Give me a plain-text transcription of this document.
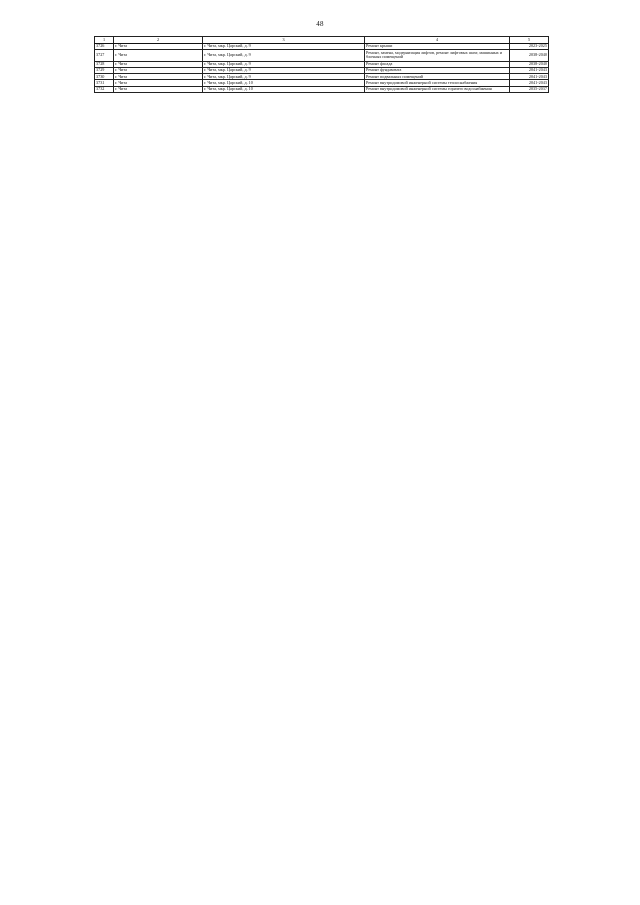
48
1	2	3	4	5
3726	г. Чита	г. Чита, мкр. Царский, д. 9	Ремонт крыши	2023-2025
3727	г. Чита	г. Чита, мкр. Царский, д. 9	Ремонт, замена, модернизация лифтов, ремонт лифтовых шахт, машинных и блочных помещений	2038-2040
3728	г. Чита	г. Чита, мкр. Царский, д. 9	Ремонт фасада	2038-2040
3729	г. Чита	г. Чита, мкр. Царский, д. 9	Ремонт фундамента	2041-2043
3730	г. Чита	г. Чита, мкр. Царский, д. 9	Ремонт подвальных помещений	2041-2043
3731	г. Чита	г. Чита, мкр. Царский, д. 10	Ремонт внутридомовой инженерной системы теплоснабжения	2041-2043
3732	г. Чита	г. Чита, мкр. Царский, д. 10	Ремонт внутридомовой инженерной системы горячего водоснабжения	2035-2037
